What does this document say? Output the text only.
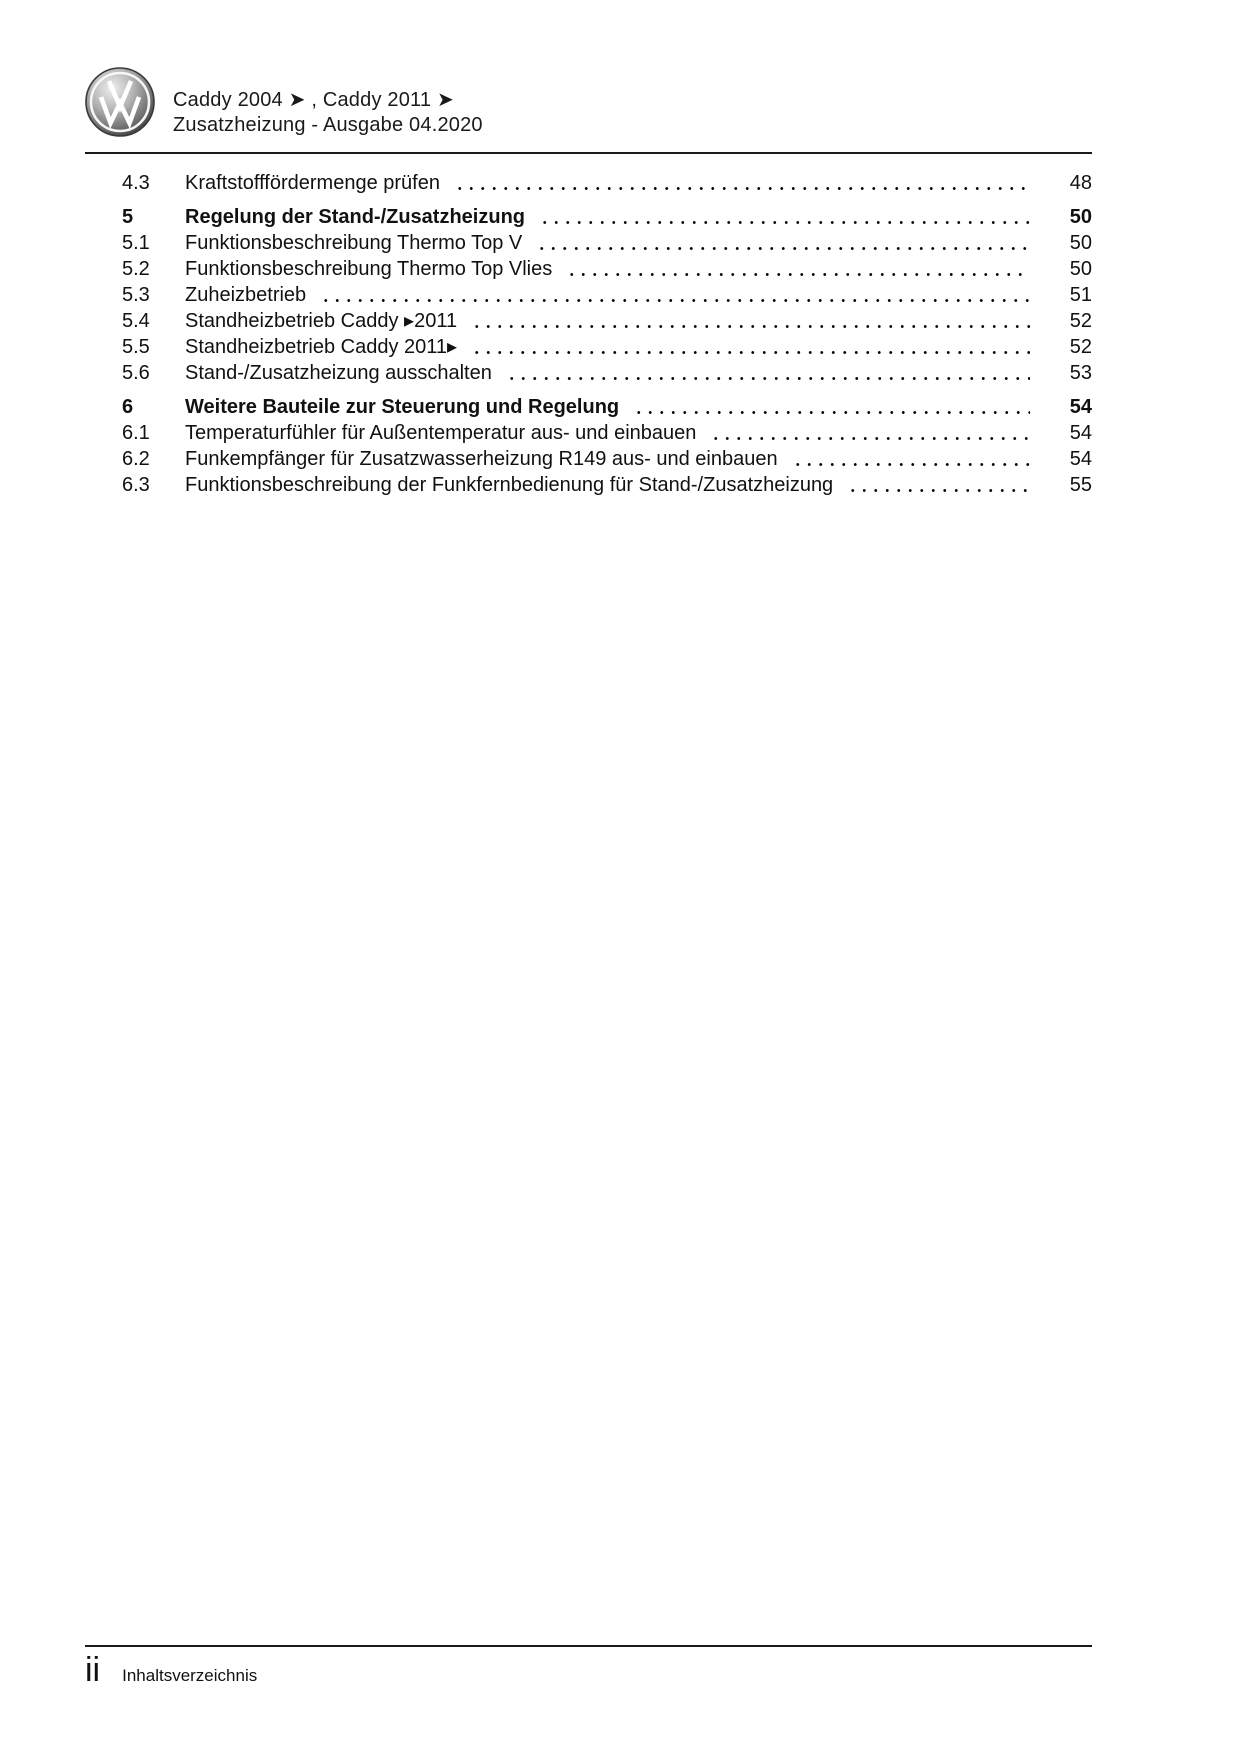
Caddy 2004 ➤ , Caddy 2011 ➤
Zusatzheizung - Ausgabe 04.2020
4.3	Kraftstofffördermenge prüfen	48
5	Regelung der Stand-/Zusatzheizung	50
5.1	Funktionsbeschreibung Thermo Top V	50
5.2	Funktionsbeschreibung Thermo Top Vlies	50
5.3	Zuheizbetrieb	51
5.4	Standheizbetrieb Caddy ▸2011	52
5.5	Standheizbetrieb Caddy 2011▸	52
5.6	Stand-/Zusatzheizung ausschalten	53
6	Weitere Bauteile zur Steuerung und Regelung	54
6.1	Temperaturfühler für Außentemperatur aus- und einbauen	54
6.2	Funkempfänger für Zusatzwasserheizung R149 aus- und einbauen	54
6.3	Funktionsbeschreibung der Funkfernbedienung für Stand-/Zusatzheizung	55
ii Inhaltsverzeichnis
